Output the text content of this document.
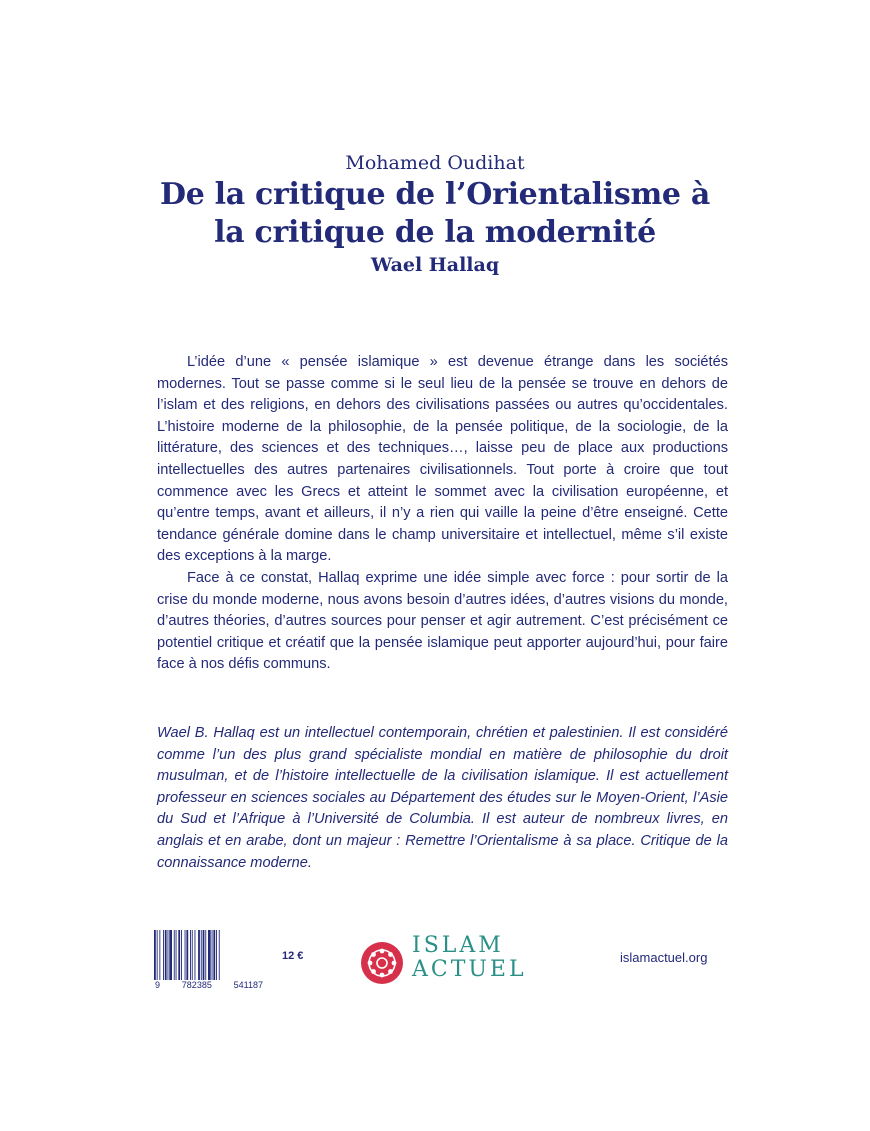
Mohamed Oudihat

De la critique de l’Orientalisme à
la critique de la modernité

Wael Hallaq

L’idée d’une « pensée islamique » est devenue étrange dans les sociétés modernes. Tout se passe comme si le seul lieu de la pensée se trouve en dehors de l’islam et des religions, en dehors des civilisations passées ou autres qu’occidentales. L’histoire moderne de la philosophie, de la pensée politique, de la sociologie, de la littérature, des sciences et des techniques…, laisse peu de place aux productions intellectuelles des autres partenaires civilisationnels. Tout porte à croire que tout commence avec les Grecs et atteint le sommet avec la civilisation européenne, et qu’entre temps, avant et ailleurs, il n’y a rien qui vaille la peine d’être enseigné. Cette tendance générale domine dans le champ universitaire et intellectuel, même s’il existe des exceptions à la marge.

Face à ce constat, Hallaq exprime une idée simple avec force : pour sortir de la crise du monde moderne, nous avons besoin d’autres idées, d’autres visions du monde, d’autres théories, d’autres sources pour penser et agir autrement. C’est précisément ce potentiel critique et créatif que la pensée islamique peut apporter aujourd’hui, pour faire face à nos défis communs.

Wael B. Hallaq est un intellectuel contemporain, chrétien et palestinien. Il est considéré comme l’un des plus grand spécialiste mondial en matière de philosophie du droit musulman, et de l’histoire intellectuelle de la civilisation islamique. Il est actuellement professeur en sciences sociales au Département des études sur le Moyen-Orient, l’Asie du Sud et l’Afrique à l’Université de Columbia. Il est auteur de nombreux livres, en anglais et en arabe, dont un majeur : Remettre l’Orientalisme à sa place. Critique de la connaissance moderne.

9 782385 541187
12 €	ISLAM
ACTUEL	islamactuel.org
